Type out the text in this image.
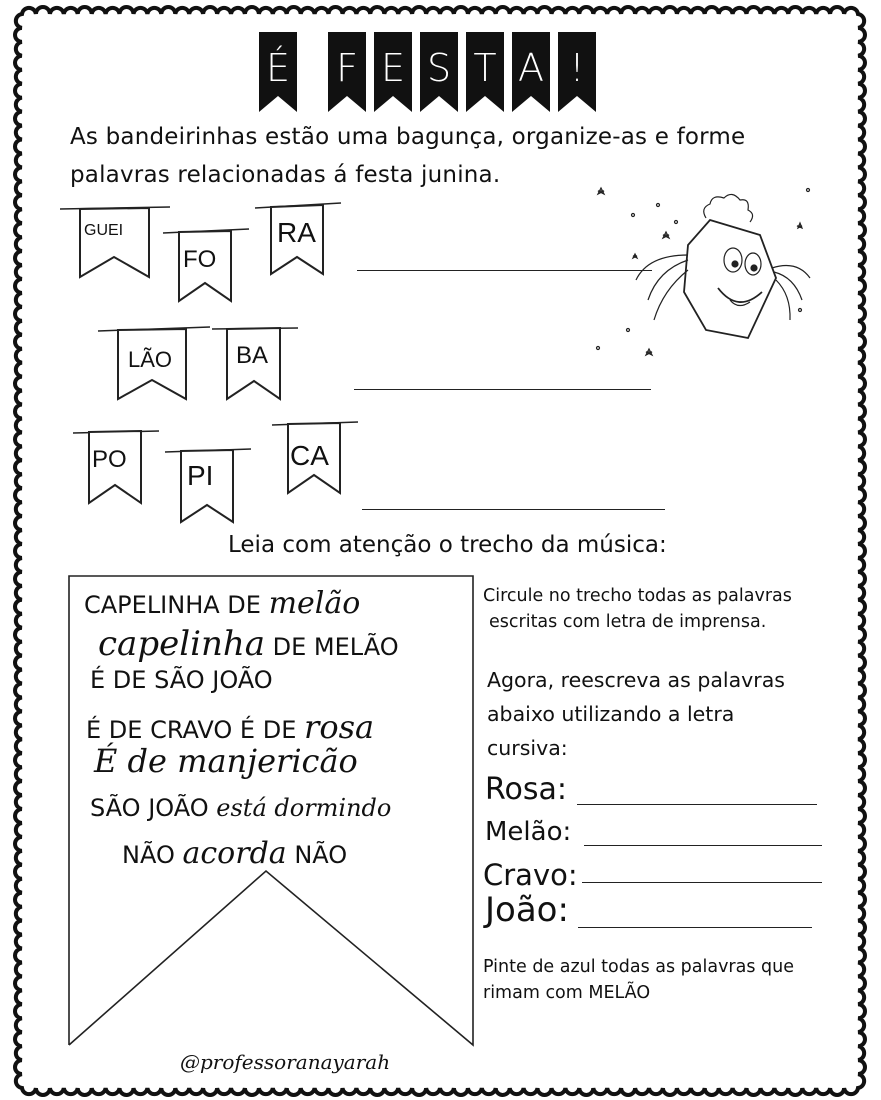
É F E S T A !
As bandeirinhas estão uma bagunça, organize-as e forme
palavras relacionadas á festa junina.
GUEI
FO
RA
LÃO	BA
PO
PI
CA
Leia com atenção o trecho da música:
CAPELINHA DE melão
capelinha DE MELÃO
É DE SÃO JOÃO
É DE CRAVO É DE rosa
É de manjericão
SÃO JOÃO está dormindo
NÃO acorda NÃO
Circule no trecho todas as palavras
escritas com letra de imprensa.
Agora, reescreva as palavras
abaixo utilizando a letra
cursiva:
Rosa:
Melão:
Cravo:
João:
Pinte de azul todas as palavras que
rimam com MELÃO
@professoranayarah
